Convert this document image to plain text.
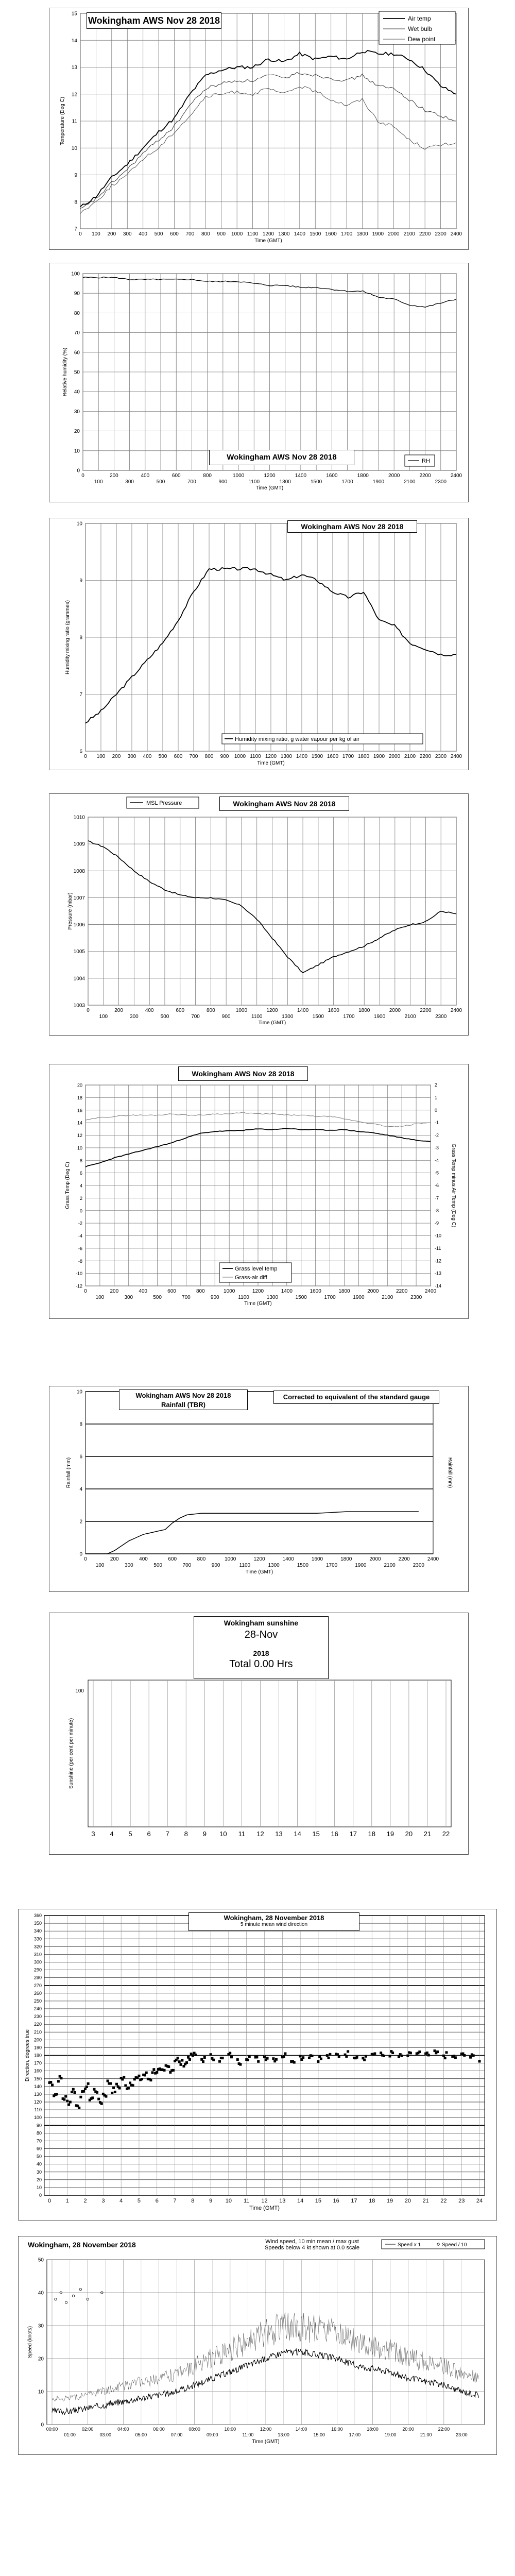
7
8
9
10
11
12
13
14
15
0 100 200 300 400 500 600 700 800 900 1000 1100 1200 1300 1400 1500 1600 1700 1800 1900 2000 2100 2200 2300 2400
Time (GMT)
Temperature (Deg C)
Air temp
Wet bulb
Dew point
Wokingham AWS Nov 28 2018
0
10
20
30
40
50
60
70
80
90
100
0	200	400	600	800	1000	1200	1400	1600	1800	2000	2200	2400
100	300	500	700	900	1100	1300	1500	1700	1900	2100	2300
Time (GMT)
Relative humidity (%)
RH
Wokingham AWS Nov 28 2018
6
7
8
9
10
0 100 200 300 400 500 600 700 800 900 1000 1100 1200 1300 1400 1500 1600 1700 1800 1900 2000 2100 2200 2300 2400
Time (GMT)
Humidity mixing ratio (grammes)
Humidity mixing ratio, g water vapour per kg of air
Wokingham AWS Nov 28 2018
1003
1004
1005
1006
1007
1008
1009
1010
0	200	400	600	800	1000	1200	1400	1600	1800	2000	2200	2400
100	300	500	700	900	1100	1300	1500	1700	1900	2100	2300
Time (GMT)
Pressure (mbar)
MSL Pressure	Wokingham AWS Nov 28 2018
-12
-10
-8
-6
-4
-2
0
2
4
6
8
10
12
14
16
18
20
0	200	400	600	800	1000	1200	1400	1600	1800	2000	2200	2400
100	300	500	700	900	1100	1300	1500	1700	1900	2100	2300
Time (GMT)
Grass Temp (Deg C)
-14
-13
-12
-11
-10
-9
-8
-7
-6
-5
-4
-3
-2
-1
0
1
2
Grass Temp minus Air Temp (Deg C)
Grass level temp
Grass-air diff
Wokingham AWS Nov 28 2018
0
2
4
6
8
10
0	200	400	600	800	1000	1200	1400	1600	1800	2000	2200	2400
100	300	500	700	900	1100	1300	1500	1700	1900	2100	2300
Time (GMT)
Rainfall (mm)	Rainfall (mm)
Wokingham AWS Nov 28 2018
Rainfall (TBR)
Corrected to equivalent of the standard gauge
3 4 5 6 7 8 9 10 11 12 13 14 15 16 17 18 19 20 21 22
100
Sunshine (per cent per minute)
Wokingham sunshine
28-Nov
2018
Total 0.00 Hrs
0
10
20
30
40
50
60
70
80
90
100
110
120
130
140
150
160
170
180
190
200
210
220
230
240
250
260
270
280
290
300
310
320
330
340
350
360
0	1	2	3	4	5	6	7	8	9 10 11 12 13 14 15 16 17 18 19 20 21 22 23 24
Time (GMT)
Direction, degrees true
Wokingham, 28 November 2018
5 minute mean wind direction
0
10
20
30
40
50
00:00	02:00	04:00	06:00	08:00	10:00	12:00	14:00	16:00	18:00	20:00	22:00
01:00	03:00	05:00	07:00	09:00	11:00	13:00	15:00	17:00	19:00	21:00	23:00
Time (GMT)
Speed (knots)
Speed x 1	Speed / 10
Wokingham, 28 November 2018	Wind speed, 10 min mean / max gust
Speeds below 4 kt shown at 0.0 scale
